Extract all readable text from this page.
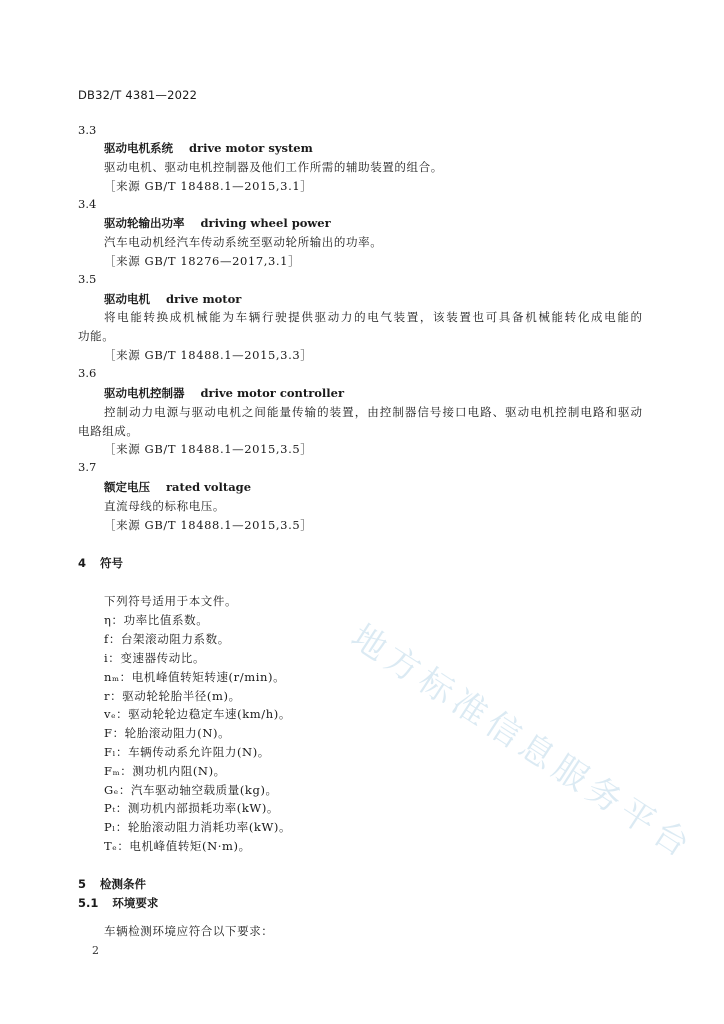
DB32/T 4381—2022
3.3
驱动电机系统 drive motor system
驱动电机、驱动电机控制器及他们工作所需的辅助装置的组合。
［来源 GB/T 18488.1—2015,3.1］
3.4
驱动轮输出功率 driving wheel power
汽车电动机经汽车传动系统至驱动轮所输出的功率。
［来源 GB/T 18276—2017,3.1］
3.5
驱动电机 drive motor
将电能转换成机械能为车辆行驶提供驱动力的电气装置，该装置也可具备机械能转化成电能的
功能。
［来源 GB/T 18488.1—2015,3.3］
3.6
驱动电机控制器 drive motor controller
控制动力电源与驱动电机之间能量传输的装置，由控制器信号接口电路、驱动电机控制电路和驱动
电路组成。
［来源 GB/T 18488.1—2015,3.5］
3.7
额定电压 rated voltage
直流母线的标称电压。
［来源 GB/T 18488.1—2015,3.5］
4 符号
下列符号适用于本文件。
η：功率比值系数。
f：台架滚动阻力系数。
i：变速器传动比。
nₘ：电机峰值转矩转速(r/min)。
r：驱动轮轮胎半径(m)。
vₑ：驱动轮轮边稳定车速(km/h)。
F：轮胎滚动阻力(N)。
Fₗ：车辆传动系允许阻力(N)。
Fₘ：测功机内阻(N)。
Gₑ：汽车驱动轴空载质量(kg)。
Pₜ：测功机内部损耗功率(kW)。
Pₗ：轮胎滚动阻力消耗功率(kW)。
Tₑ：电机峰值转矩(N·m)。
5 检测条件
5.1 环境要求
车辆检测环境应符合以下要求：
2
地方标准信息服务平台
